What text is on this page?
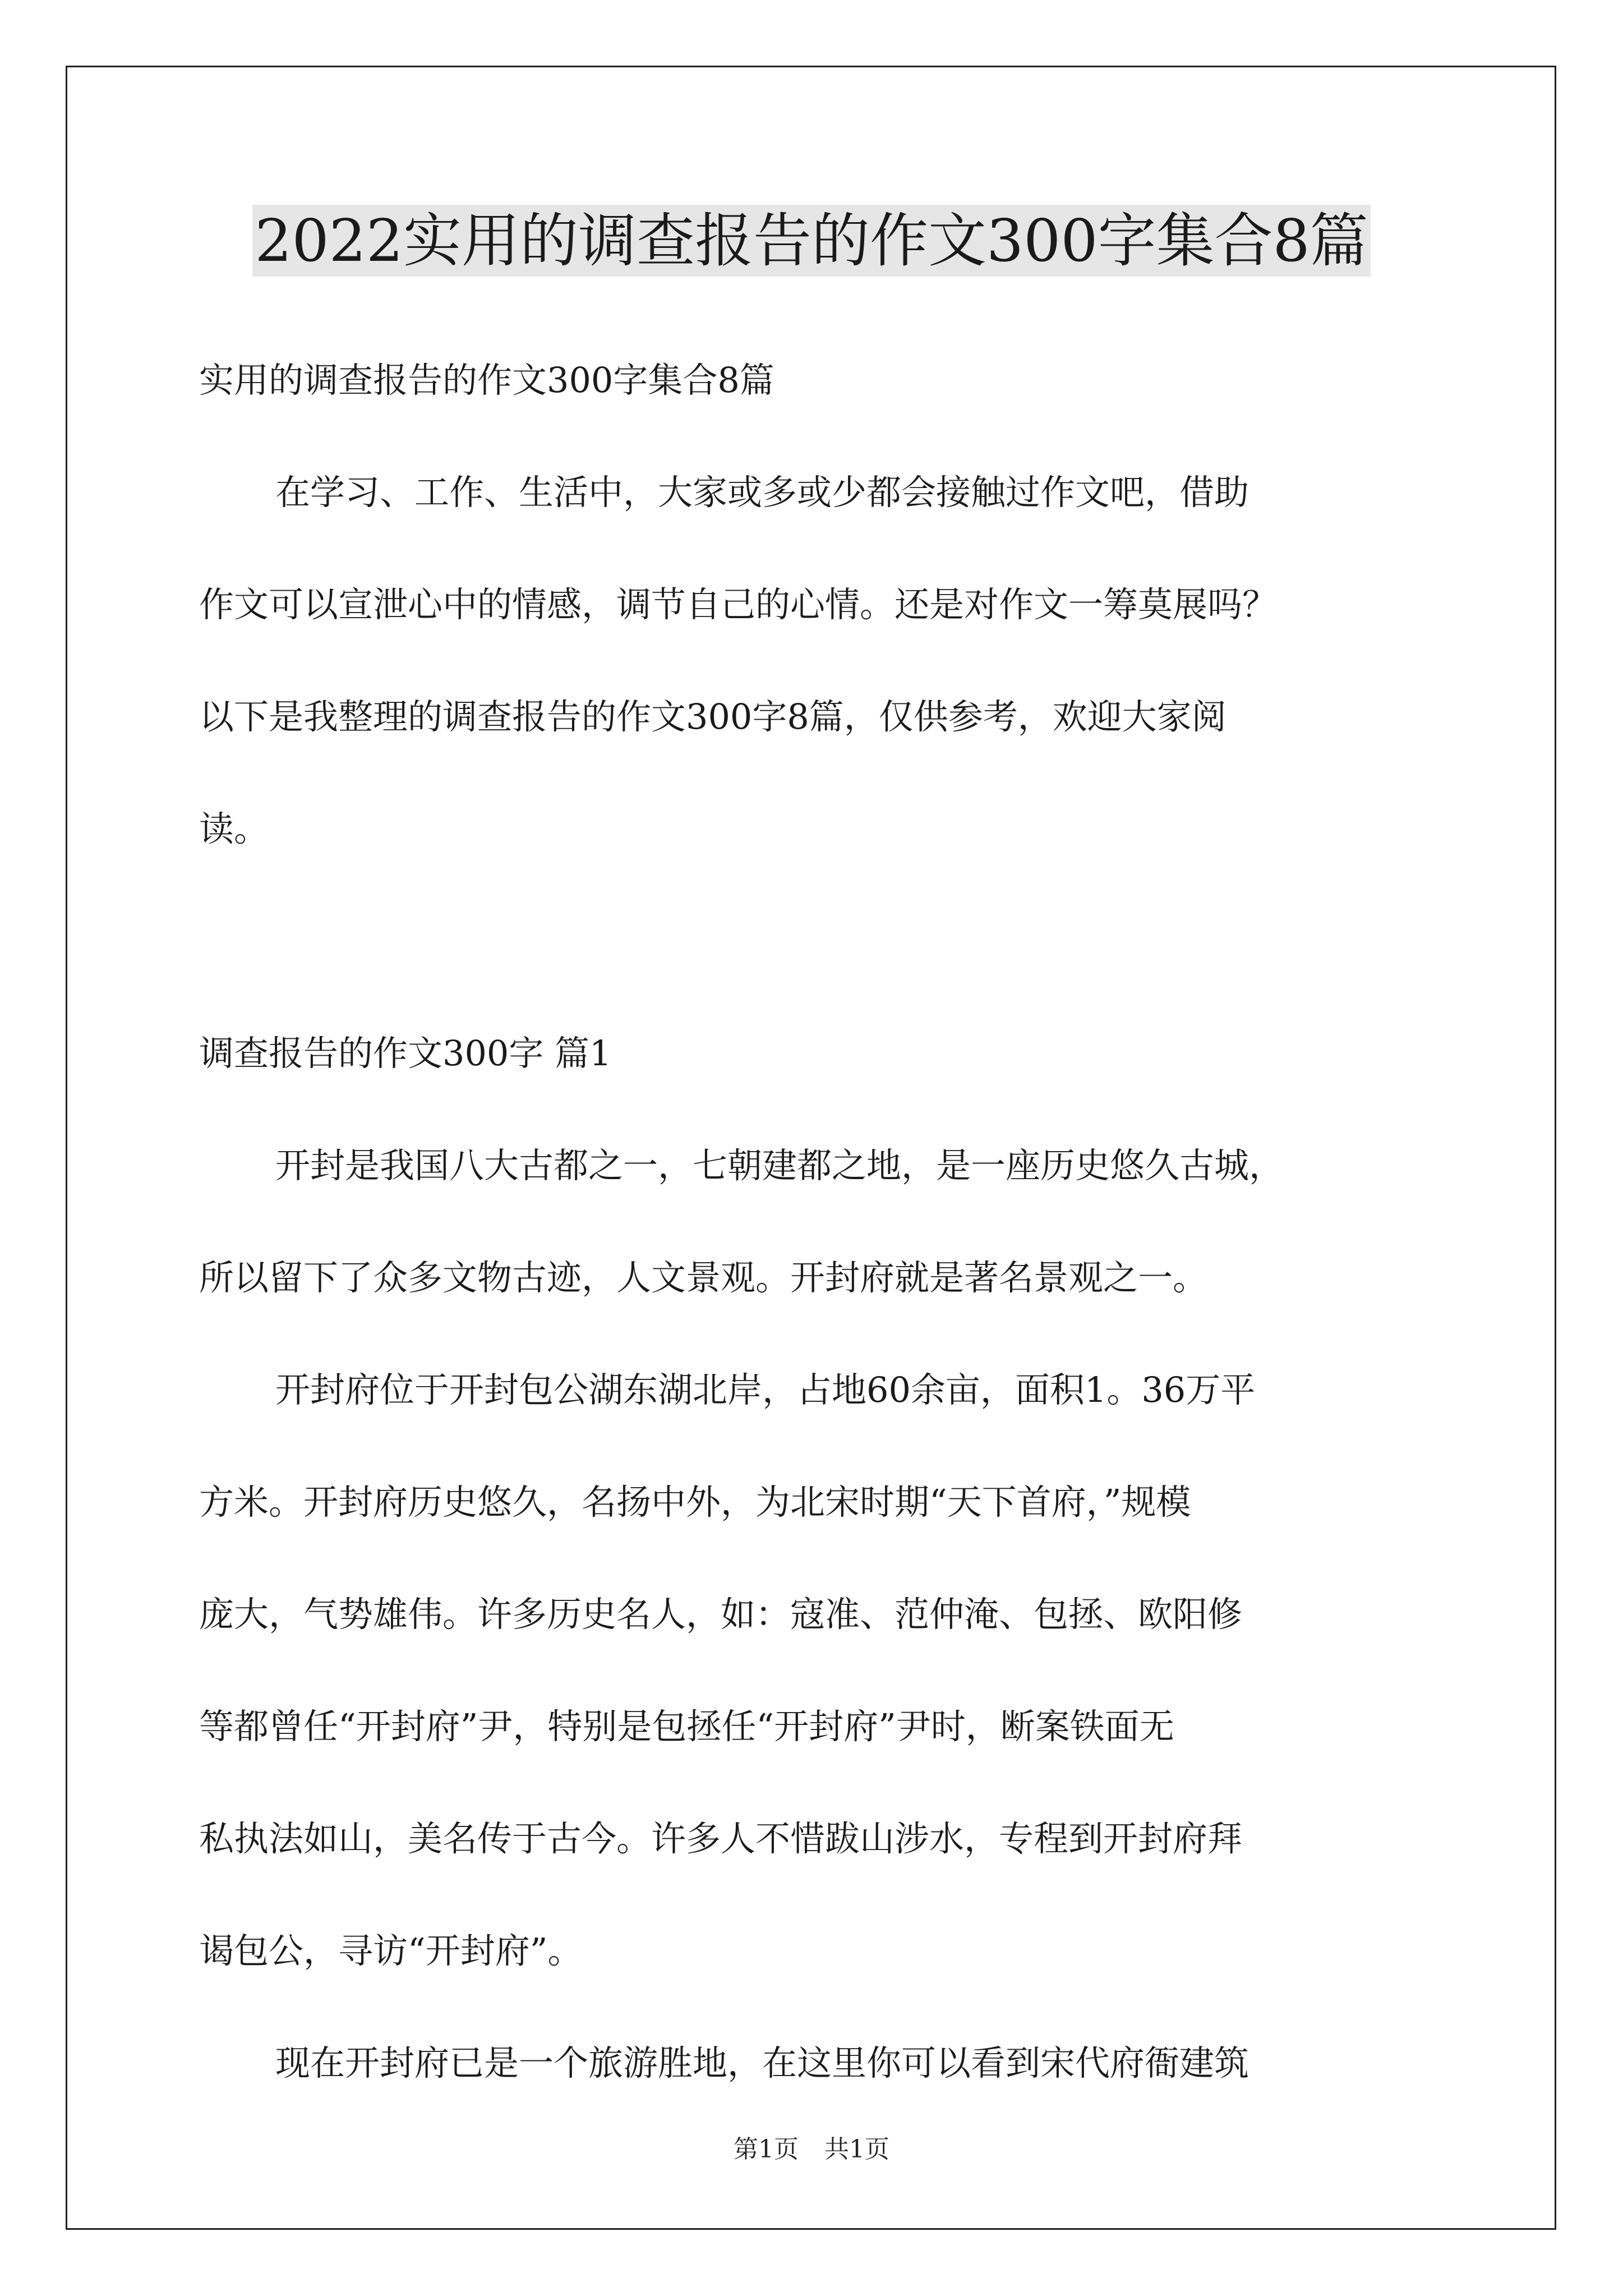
2022实用的调查报告的作文300字集合8篇
实用的调查报告的作文300字集合8篇
在学习、工作、生活中，大家或多或少都会接触过作文吧，借助
作文可以宣泄心中的情感，调节自己的心情。还是对作文一筹莫展吗？
以下是我整理的调查报告的作文300字8篇，仅供参考，欢迎大家阅
读。
调查报告的作文300字 篇1
开封是我国八大古都之一，七朝建都之地，是一座历史悠久古城，
所以留下了众多文物古迹，人文景观。开封府就是著名景观之一。
开封府位于开封包公湖东湖北岸，占地60余亩，面积1。36万平
方米。开封府历史悠久，名扬中外，为北宋时期“天下首府，”规模
庞大，气势雄伟。许多历史名人，如：寇准、范仲淹、包拯、欧阳修
等都曾任“开封府”尹，特别是包拯任“开封府”尹时，断案铁面无
私执法如山，美名传于古今。许多人不惜跋山涉水，专程到开封府拜
谒包公，寻访“开封府”。
现在开封府已是一个旅游胜地，在这里你可以看到宋代府衙建筑
第1页 共1页
